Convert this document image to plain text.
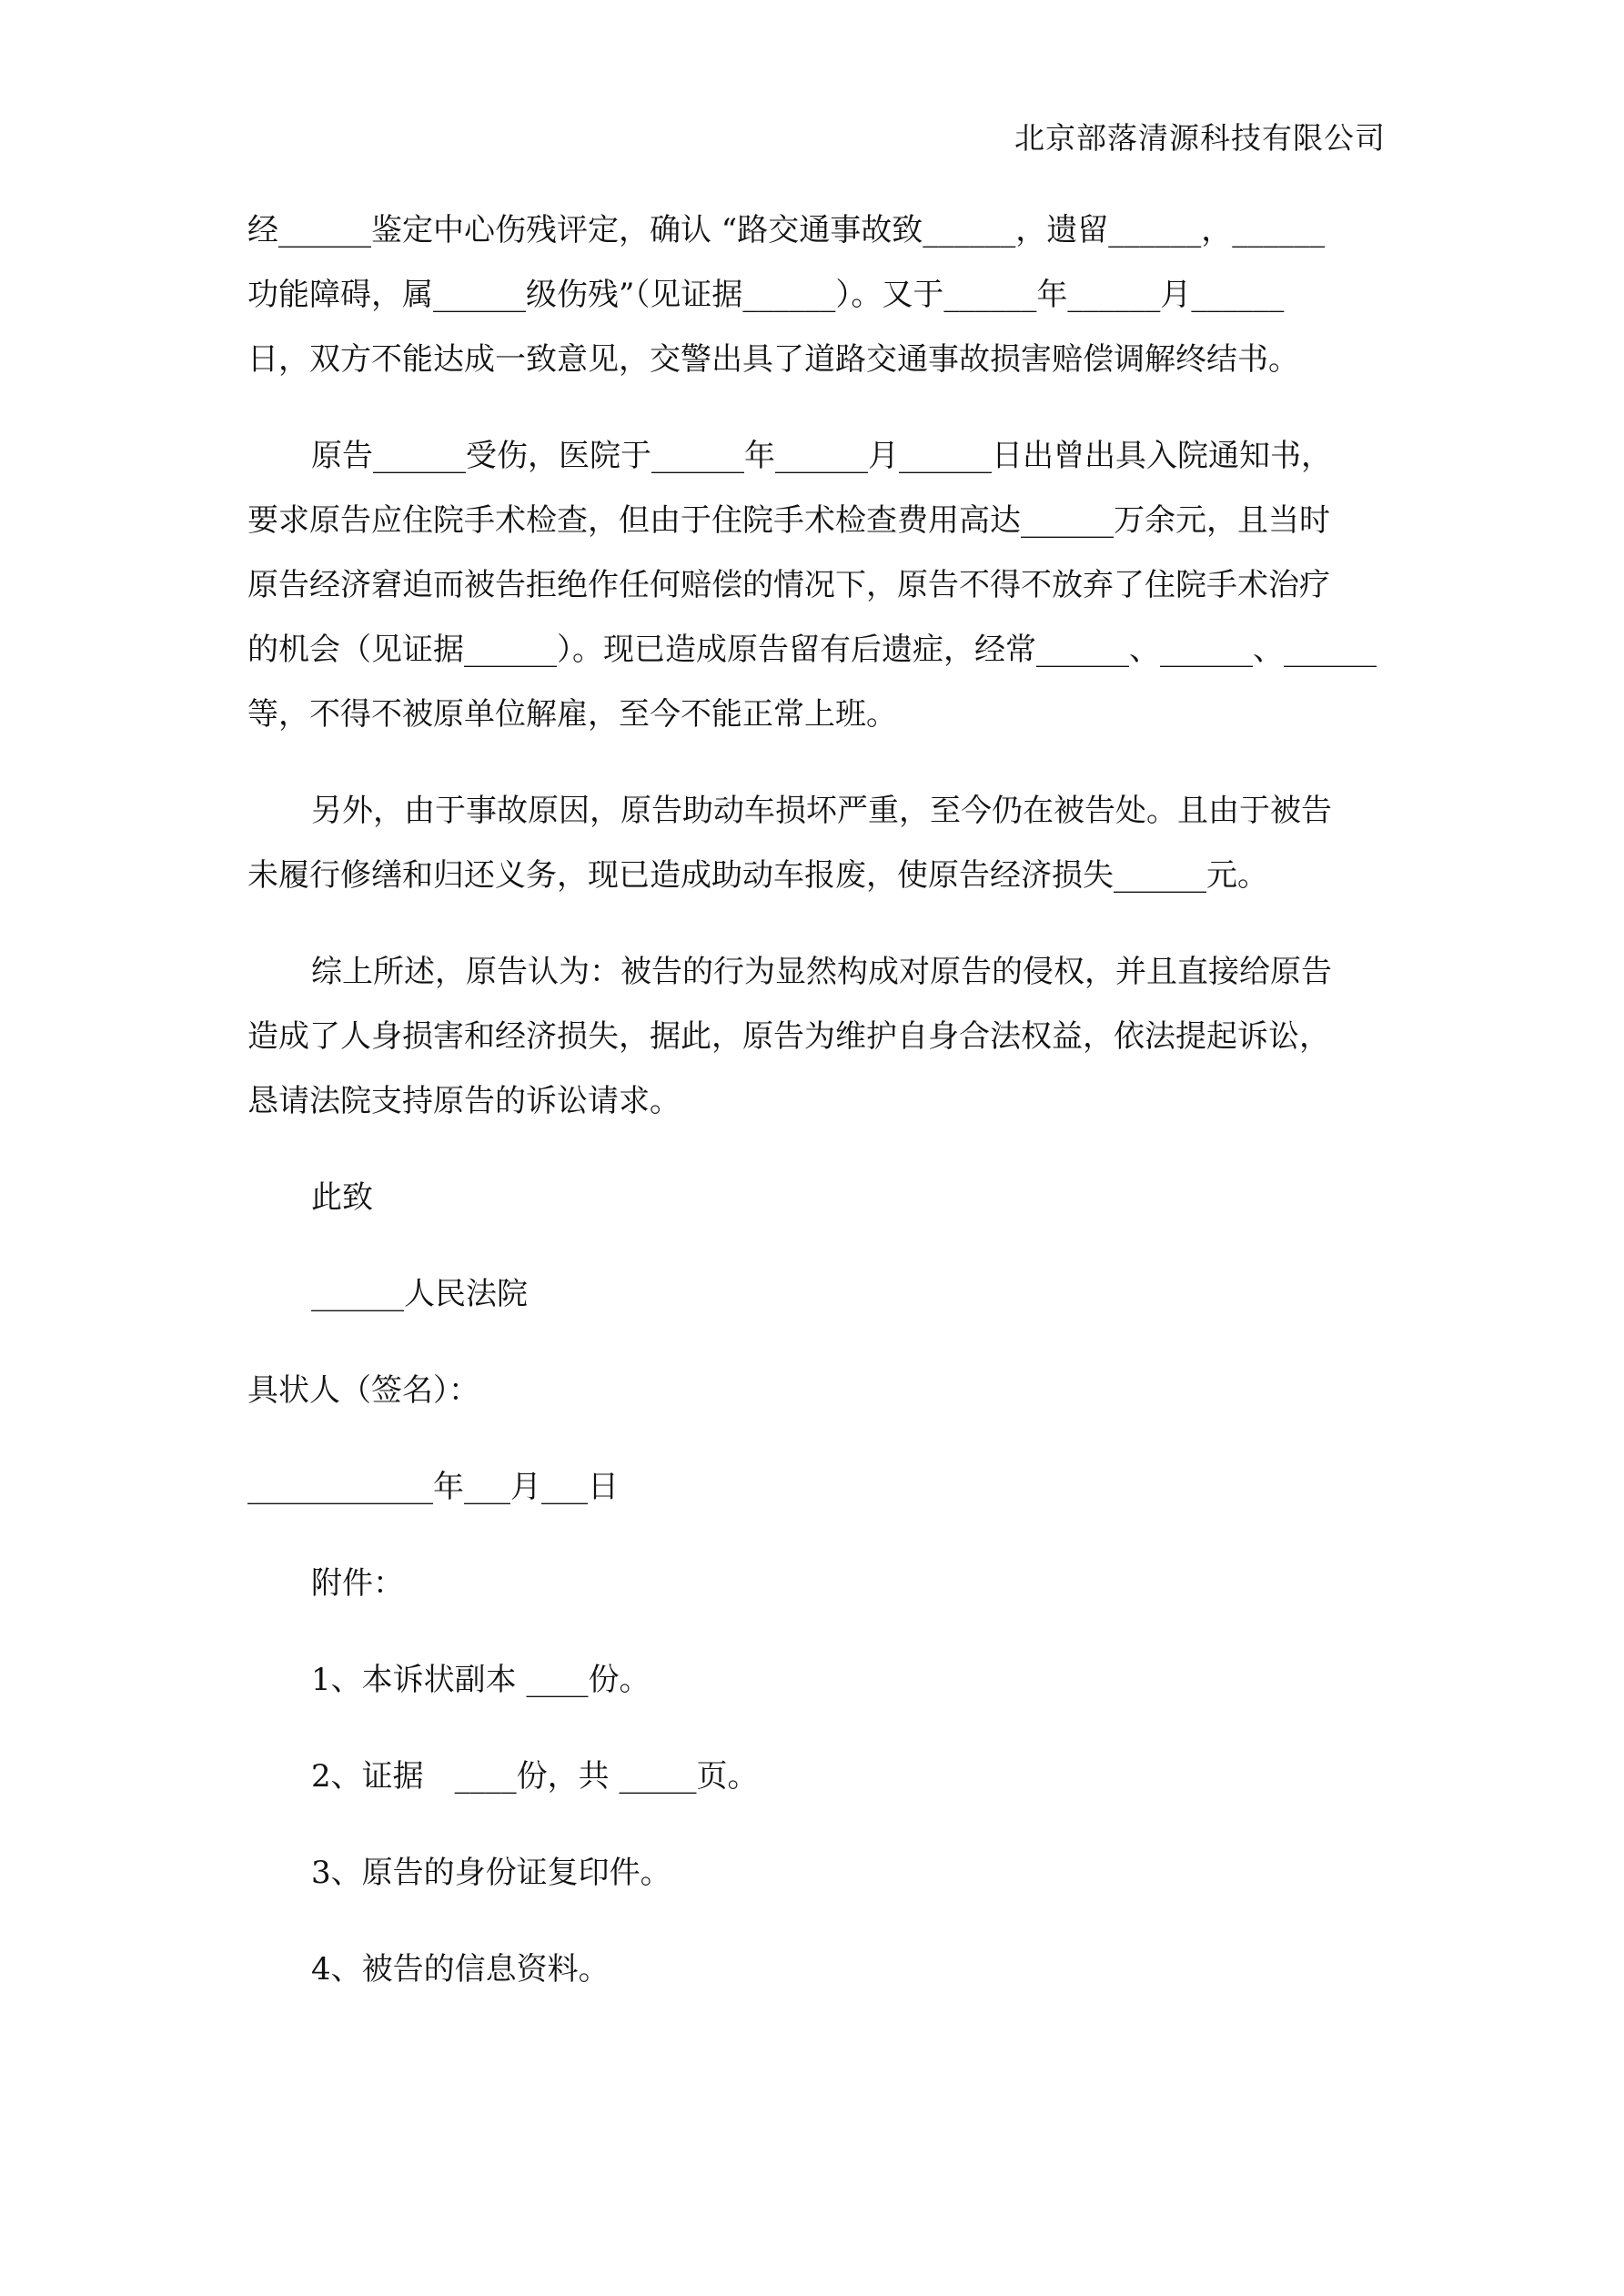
北京部落清源科技有限公司
经______鉴定中心伤残评定，确认 “路交通事故致______，遗留______，______
功能障碍，属______级伤残”（见证据______）。又于______年______月______
日，双方不能达成一致意见，交警出具了道路交通事故损害赔偿调解终结书。
原告______受伤，医院于______年______月______日出曾出具入院通知书，
要求原告应住院手术检查，但由于住院手术检查费用高达______万余元，且当时
原告经济窘迫而被告拒绝作任何赔偿的情况下，原告不得不放弃了住院手术治疗
的机会（见证据______）。现已造成原告留有后遗症，经常______、______、______
等，不得不被原单位解雇，至今不能正常上班。
另外，由于事故原因，原告助动车损坏严重，至今仍在被告处。且由于被告
未履行修缮和归还义务，现已造成助动车报废，使原告经济损失______元。
综上所述，原告认为：被告的行为显然构成对原告的侵权，并且直接给原告
造成了人身损害和经济损失，据此，原告为维护自身合法权益，依法提起诉讼，
恳请法院支持原告的诉讼请求。
此致
______人民法院
具状人（签名）：
____________年___月___日
附件：
1、本诉状副本 ____份。
2、证据　____份，共 _____页。
3、原告的身份证复印件。
4、被告的信息资料。
